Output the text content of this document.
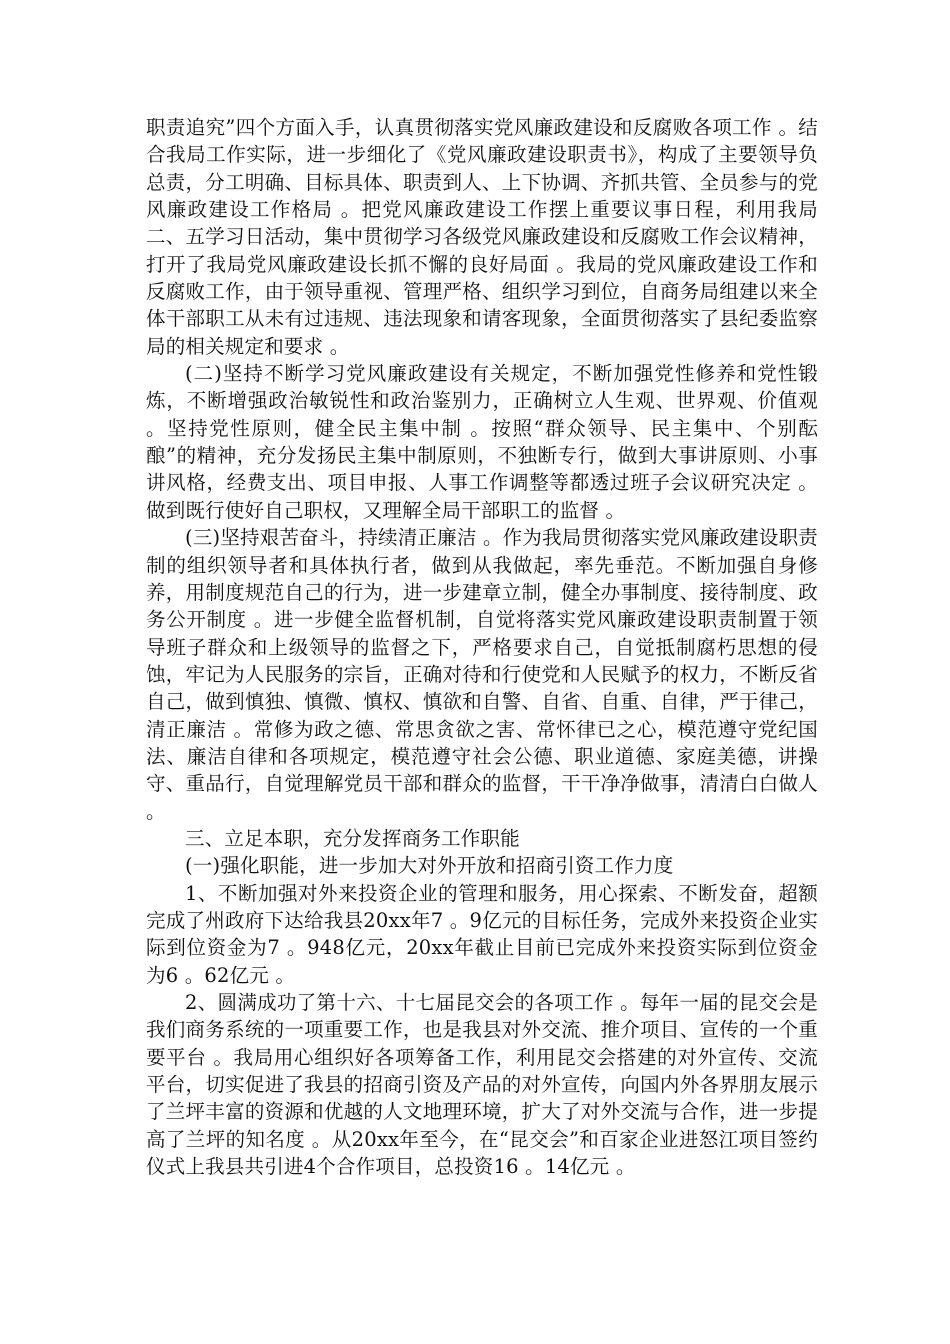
职责追究”四个方面入手，认真贯彻落实党风廉政建设和反腐败各项工作 。结合我局工作实际，进一步细化了《党风廉政建设职责书》，构成了主要领导负总责，分工明确、目标具体、职责到人、上下协调、齐抓共管、全员参与的党风廉政建设工作格局 。把党风廉政建设工作摆上重要议事日程，利用我局二、五学习日活动，集中贯彻学习各级党风廉政建设和反腐败工作会议精神，打开了我局党风廉政建设长抓不懈的良好局面 。我局的党风廉政建设工作和反腐败工作，由于领导重视、管理严格、组织学习到位，自商务局组建以来全体干部职工从未有过违规、违法现象和请客现象，全面贯彻落实了县纪委监察局的相关规定和要求 。

(二)坚持不断学习党风廉政建设有关规定，不断加强党性修养和党性锻炼，不断增强政治敏锐性和政治鉴别力，正确树立人生观、世界观、价值观 。坚持党性原则，健全民主集中制 。按照“群众领导、民主集中、个别酝酿”的精神，充分发扬民主集中制原则，不独断专行，做到大事讲原则、小事讲风格，经费支出、项目申报、人事工作调整等都透过班子会议研究决定 。做到既行使好自己职权，又理解全局干部职工的监督 。

(三)坚持艰苦奋斗，持续清正廉洁 。作为我局贯彻落实党风廉政建设职责制的组织领导者和具体执行者，做到从我做起，率先垂范。不断加强自身修养，用制度规范自己的行为，进一步建章立制，健全办事制度、接待制度、政务公开制度 。进一步健全监督机制，自觉将落实党风廉政建设职责制置于领导班子群众和上级领导的监督之下，严格要求自己，自觉抵制腐朽思想的侵蚀，牢记为人民服务的宗旨，正确对待和行使党和人民赋予的权力，不断反省自己，做到慎独、慎微、慎权、慎欲和自警、自省、自重、自律，严于律己，清正廉洁 。常修为政之德、常思贪欲之害、常怀律已之心，模范遵守党纪国法、廉洁自律和各项规定，模范遵守社会公德、职业道德、家庭美德，讲操守、重品行，自觉理解党员干部和群众的监督，干干净净做事，清清白白做人 。

三、立足本职，充分发挥商务工作职能

(一)强化职能，进一步加大对外开放和招商引资工作力度

1、不断加强对外来投资企业的管理和服务，用心探索、不断发奋，超额完成了州政府下达给我县20xx年7 。9亿元的目标任务，完成外来投资企业实际到位资金为7 。948亿元，20xx年截止目前已完成外来投资实际到位资金为6 。62亿元 。

2、圆满成功了第十六、十七届昆交会的各项工作 。每年一届的昆交会是我们商务系统的一项重要工作，也是我县对外交流、推介项目、宣传的一个重要平台 。我局用心组织好各项筹备工作，利用昆交会搭建的对外宣传、交流平台，切实促进了我县的招商引资及产品的对外宣传，向国内外各界朋友展示了兰坪丰富的资源和优越的人文地理环境，扩大了对外交流与合作，进一步提高了兰坪的知名度 。从20xx年至今，在“昆交会”和百家企业进怒江项目签约仪式上我县共引进4个合作项目，总投资16 。14亿元 。
